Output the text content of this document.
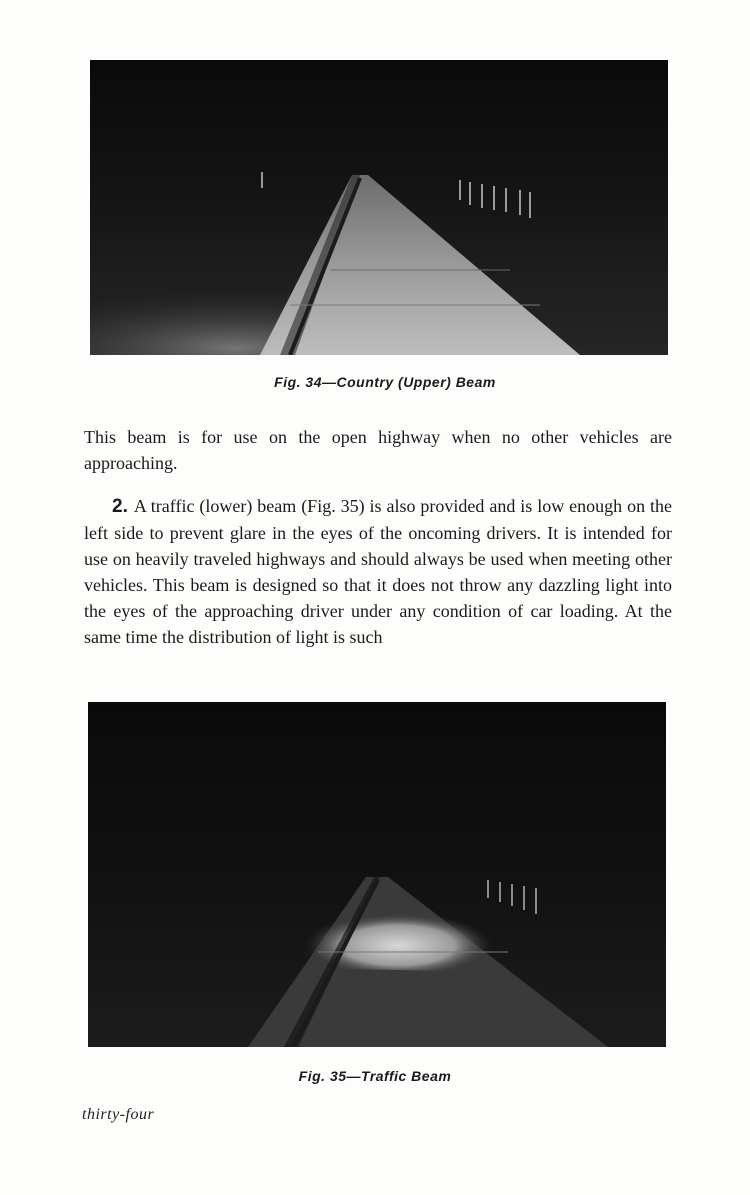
Fig. 34—Country (Upper) Beam

This beam is for use on the open highway when no other vehicles are approaching.

2. A traffic (lower) beam (Fig. 35) is also provided and is low enough on the left side to prevent glare in the eyes of the oncoming drivers. It is intended for use on heavily traveled highways and should always be used when meeting other vehicles. This beam is designed so that it does not throw any dazzling light into the eyes of the approaching driver under any condition of car loading. At the same time the distribution of light is such

Fig. 35—Traffic Beam
thirty-four
